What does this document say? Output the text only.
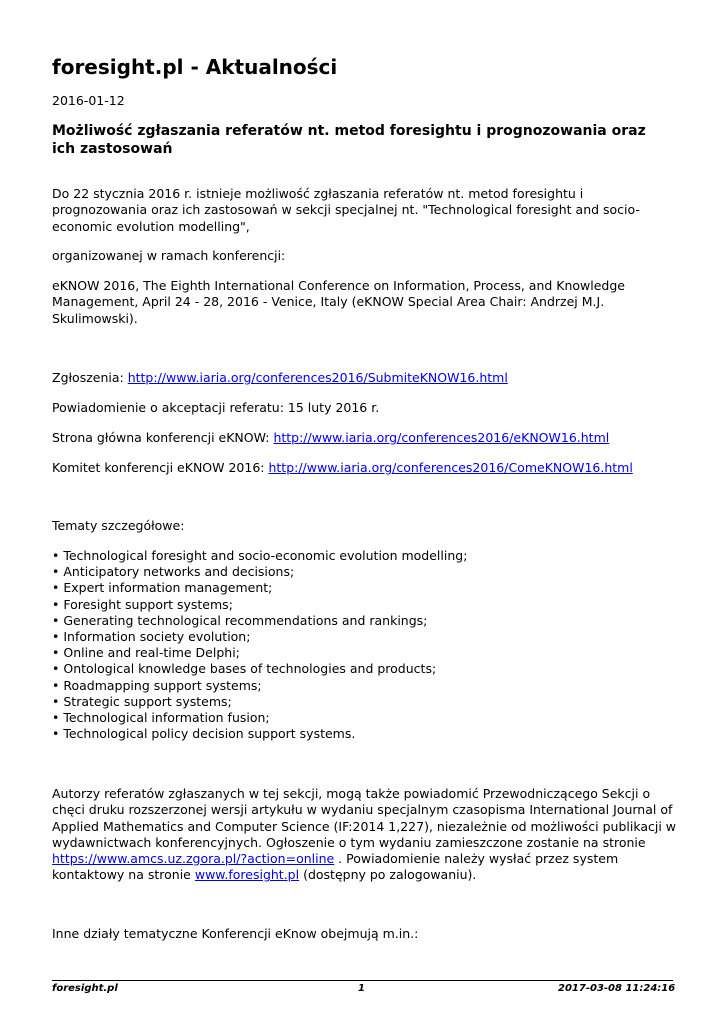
foresight.pl - Aktualności
2016-01-12
Możliwość zgłaszania referatów nt. metod foresightu i prognozowania oraz ich zastosowań

Do 22 stycznia 2016 r. istnieje możliwość zgłaszania referatów nt. metod foresightu i prognozowania oraz ich zastosowań w sekcji specjalnej nt. "Technological foresight and socio-economic evolution modelling",

organizowanej w ramach konferencji:

eKNOW 2016, The Eighth International Conference on Information, Process, and Knowledge Management, April 24 - 28, 2016 - Venice, Italy (eKNOW Special Area Chair: Andrzej M.J. Skulimowski).

Zgłoszenia: http://www.iaria.org/conferences2016/SubmiteKNOW16.html

Powiadomienie o akceptacji referatu: 15 luty 2016 r.

Strona główna konferencji eKNOW: http://www.iaria.org/conferences2016/eKNOW16.html

Komitet konferencji eKNOW 2016: http://www.iaria.org/conferences2016/ComeKNOW16.html

Tematy szczegółowe:

• Technological foresight and socio-economic evolution modelling;
• Anticipatory networks and decisions;
• Expert information management;
• Foresight support systems;
• Generating technological recommendations and rankings;
• Information society evolution;
• Online and real-time Delphi;
• Ontological knowledge bases of technologies and products;
• Roadmapping support systems;
• Strategic support systems;
• Technological information fusion;
• Technological policy decision support systems.

Autorzy referatów zgłaszanych w tej sekcji, mogą także powiadomić Przewodniczącego Sekcji o chęci druku rozszerzonej wersji artykułu w wydaniu specjalnym czasopisma International Journal of Applied Mathematics and Computer Science (IF:2014 1,227), niezależnie od możliwości publikacji w wydawnictwach konferencyjnych. Ogłoszenie o tym wydaniu zamieszczone zostanie na stronie https://www.amcs.uz.zgora.pl/?action=online . Powiadomienie należy wysłać przez system kontaktowy na stronie www.foresight.pl (dostępny po zalogowaniu).

Inne działy tematyczne Konferencji eKnow obejmują m.in.:

foresight.pl	1	2017-03-08 11:24:16
